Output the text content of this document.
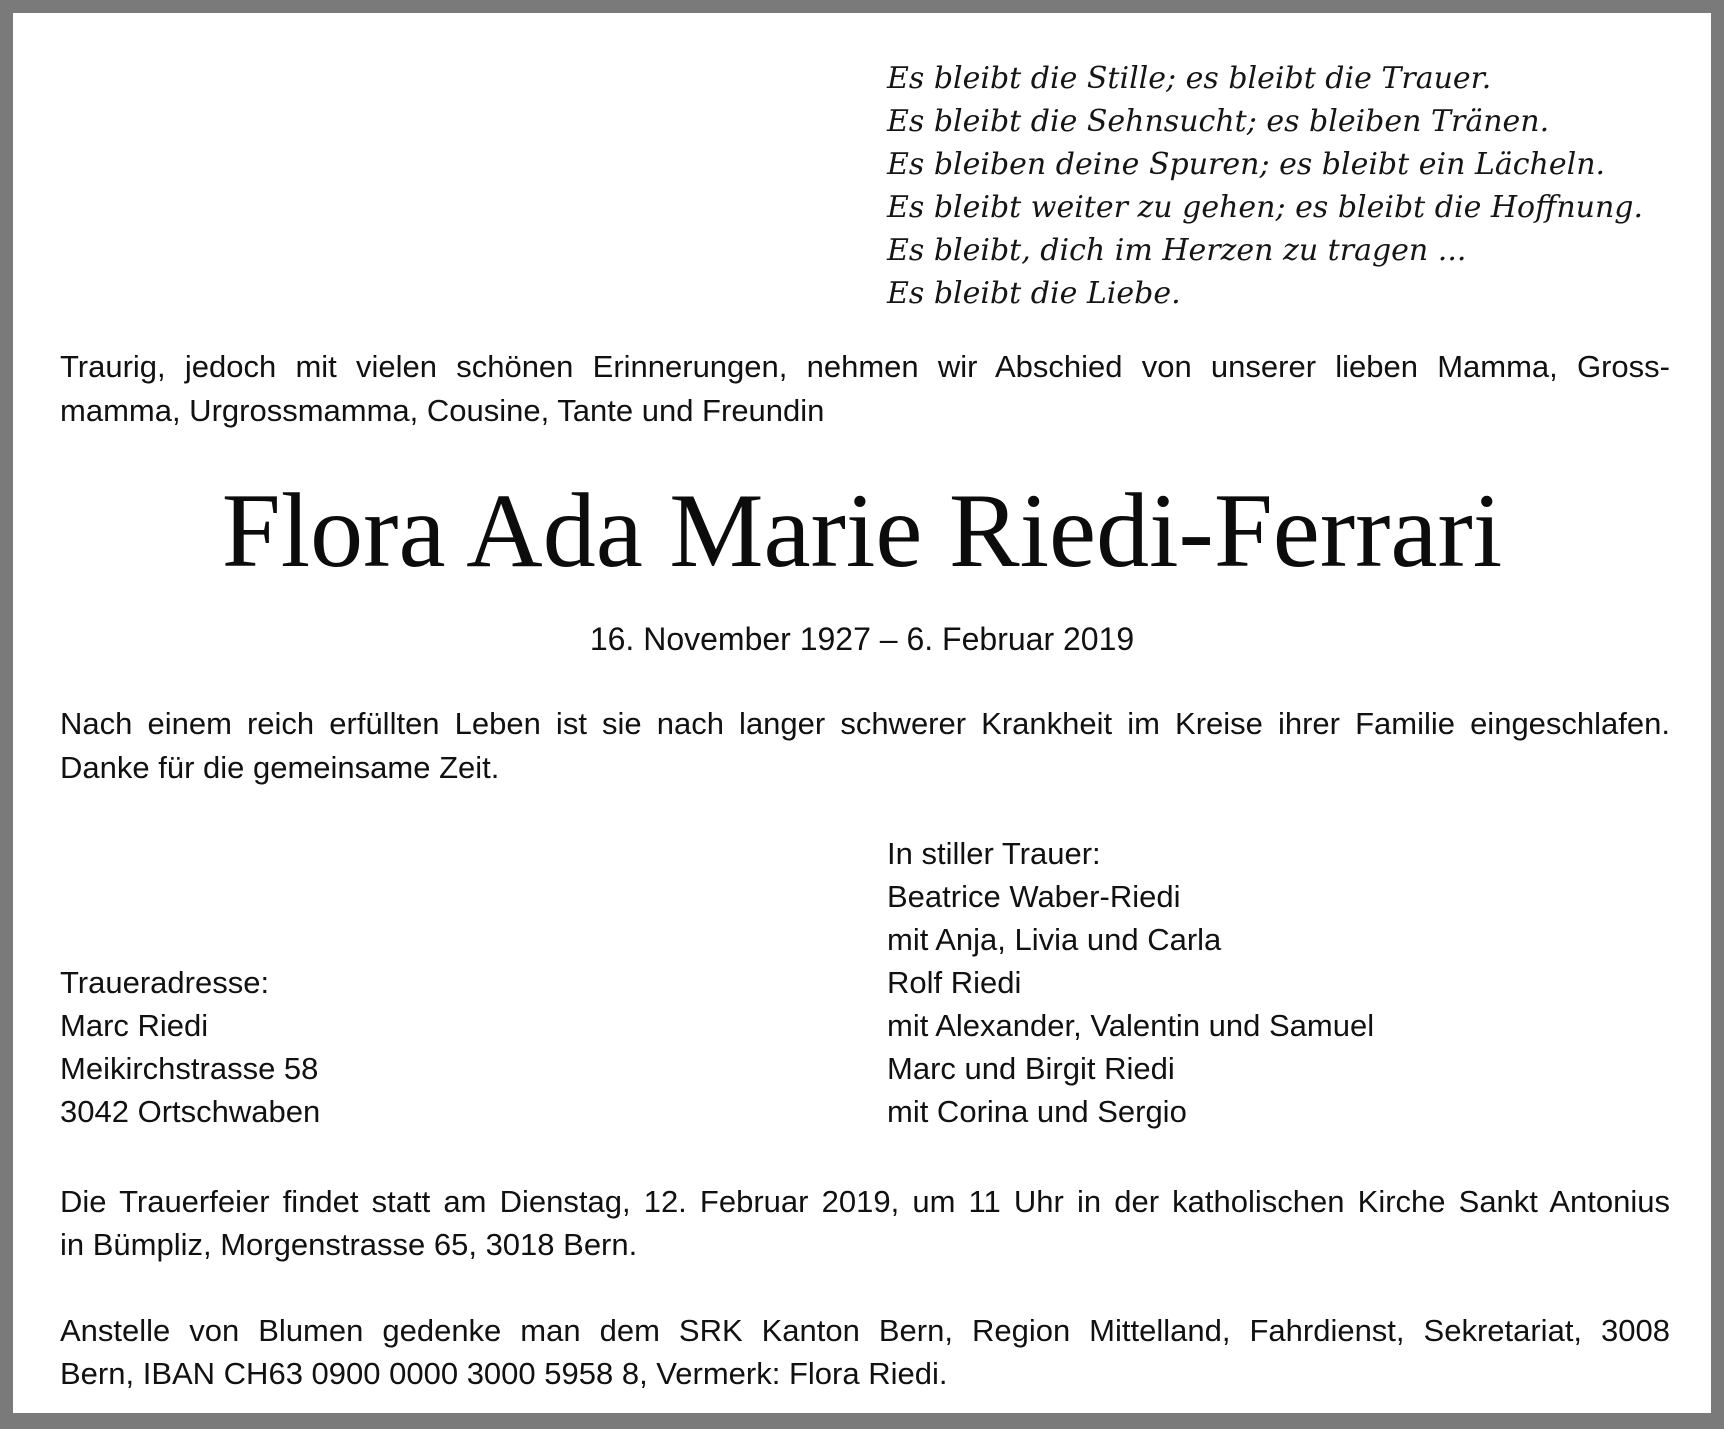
Es bleibt die Stille; es bleibt die Trauer.
Es bleibt die Sehnsucht; es bleiben Tränen.
Es bleiben deine Spuren; es bleibt ein Lächeln.
Es bleibt weiter zu gehen; es bleibt die Hoffnung.
Es bleibt, dich im Herzen zu tragen ...
Es bleibt die Liebe.
Traurig, jedoch mit vielen schönen Erinnerungen, nehmen wir Abschied von unserer lieben Mamma, Gross-
mamma, Urgrossmamma, Cousine, Tante und Freundin
Flora Ada Marie Riedi-Ferrari
16. November 1927 – 6. Februar 2019
Nach einem reich erfüllten Leben ist sie nach langer schwerer Krankheit im Kreise ihrer Familie eingeschlafen.
Danke für die gemeinsame Zeit.
In stiller Trauer:
Beatrice Waber-Riedi
mit Anja, Livia und Carla
Rolf Riedi
mit Alexander, Valentin und Samuel
Marc und Birgit Riedi
mit Corina und Sergio
Traueradresse:
Marc Riedi
Meikirchstrasse 58
3042 Ortschwaben
Die Trauerfeier findet statt am Dienstag, 12. Februar 2019, um 11 Uhr in der katholischen Kirche Sankt Antonius
in Bümpliz, Morgenstrasse 65, 3018 Bern.
Anstelle von Blumen gedenke man dem SRK Kanton Bern, Region Mittelland, Fahrdienst, Sekretariat, 3008
Bern, IBAN CH63 0900 0000 3000 5958 8, Vermerk: Flora Riedi.
